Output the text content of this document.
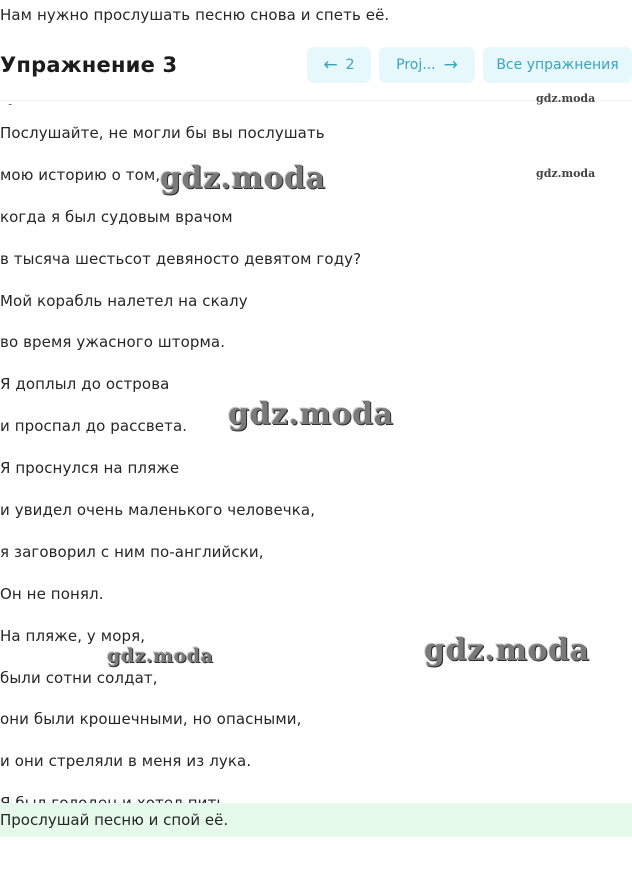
Нам нужно прослушать песню снова и спеть её.
Упражнение 3	← 2	Proj... →	Все упражнения
-
Послушайте, не могли бы вы послушать
мою историю о том,
когда я был судовым врачом
в тысяча шестьсот девяносто девятом году?
Мой корабль налетел на скалу
во время ужасного шторма.
Я доплыл до острова
и проспал до рассвета.
Я проснулся на пляже
и увидел очень маленького человечка,
я заговорил с ним по-английски,
Он не понял.
На пляже, у моря,
были сотни солдат,
они были крошечными, но опасными,
и они стреляли в меня из лука.
gdz.moda
gdz.moda
gdz.moda
gdz.moda
gdz.moda	gdz.moda
Прослушай песню и спой её.
